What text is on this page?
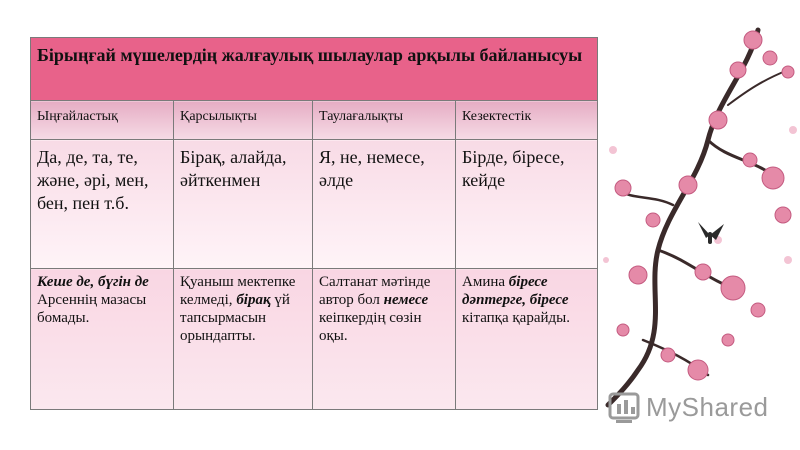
Бірыңғай мүшелердің жалғаулық шылаулар арқылы байланысуы			
Ыңғайластық	Қарсылықты	Таулағалықты	Кезектестік
Да, де, та, те, және, әрі, мен, бен, пен т.б.	Бірақ, алайда, әйткенмен	Я, не, немесе, әлде	Бірде, біресе, кейде
Кеше де, бүгін де Арсеннің мазасы бомады.	Қуаныш мектепке келмеді, бірақ үй тапсырмасын орындапты.	Салтанат мәтінде автор бол немесе кеіпкердің сөзін оқы.	Амина біресе дәптерге, біресе кітапқа қарайды.
MyShared
